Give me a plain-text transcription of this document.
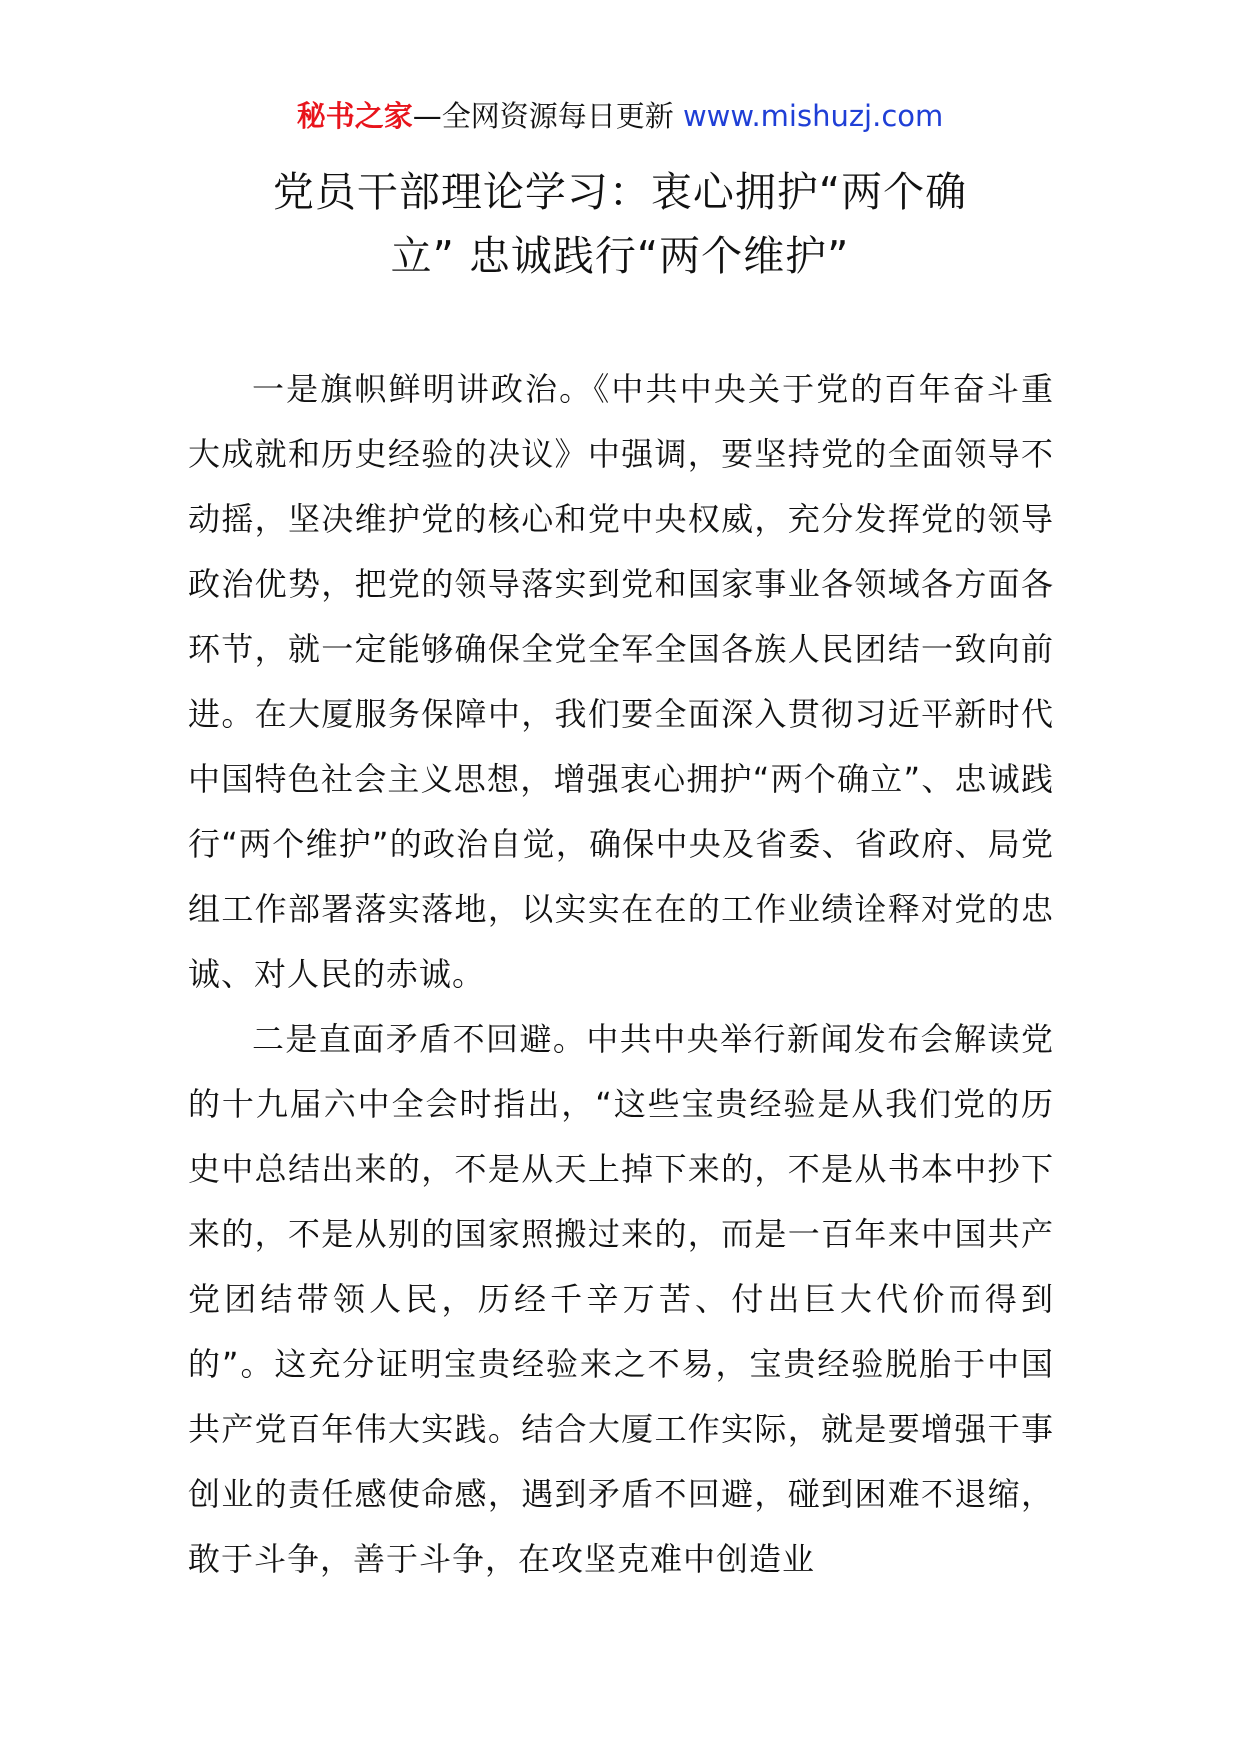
秘书之家—全网资源每日更新 www.mishuzj.com
党员干部理论学习：衷心拥护“两个确
立” 忠诚践行“两个维护”

一是旗帜鲜明讲政治。《中共中央关于党的百年奋斗重大成就和历史经验的决议》中强调，要坚持党的全面领导不动摇，坚决维护党的核心和党中央权威，充分发挥党的领导政治优势，把党的领导落实到党和国家事业各领域各方面各环节，就一定能够确保全党全军全国各族人民团结一致向前进。在大厦服务保障中，我们要全面深入贯彻习近平新时代中国特色社会主义思想，增强衷心拥护“两个确立”、忠诚践行“两个维护”的政治自觉，确保中央及省委、省政府、局党组工作部署落实落地，以实实在在的工作业绩诠释对党的忠诚、对人民的赤诚。

二是直面矛盾不回避。中共中央举行新闻发布会解读党的十九届六中全会时指出，“这些宝贵经验是从我们党的历史中总结出来的，不是从天上掉下来的，不是从书本中抄下来的，不是从别的国家照搬过来的，而是一百年来中国共产党团结带领人民，历经千辛万苦、付出巨大代价而得到的”。这充分证明宝贵经验来之不易，宝贵经验脱胎于中国共产党百年伟大实践。结合大厦工作实际，就是要增强干事创业的责任感使命感，遇到矛盾不回避，碰到困难不退缩，敢于斗争，善于斗争，在攻坚克难中创造业
